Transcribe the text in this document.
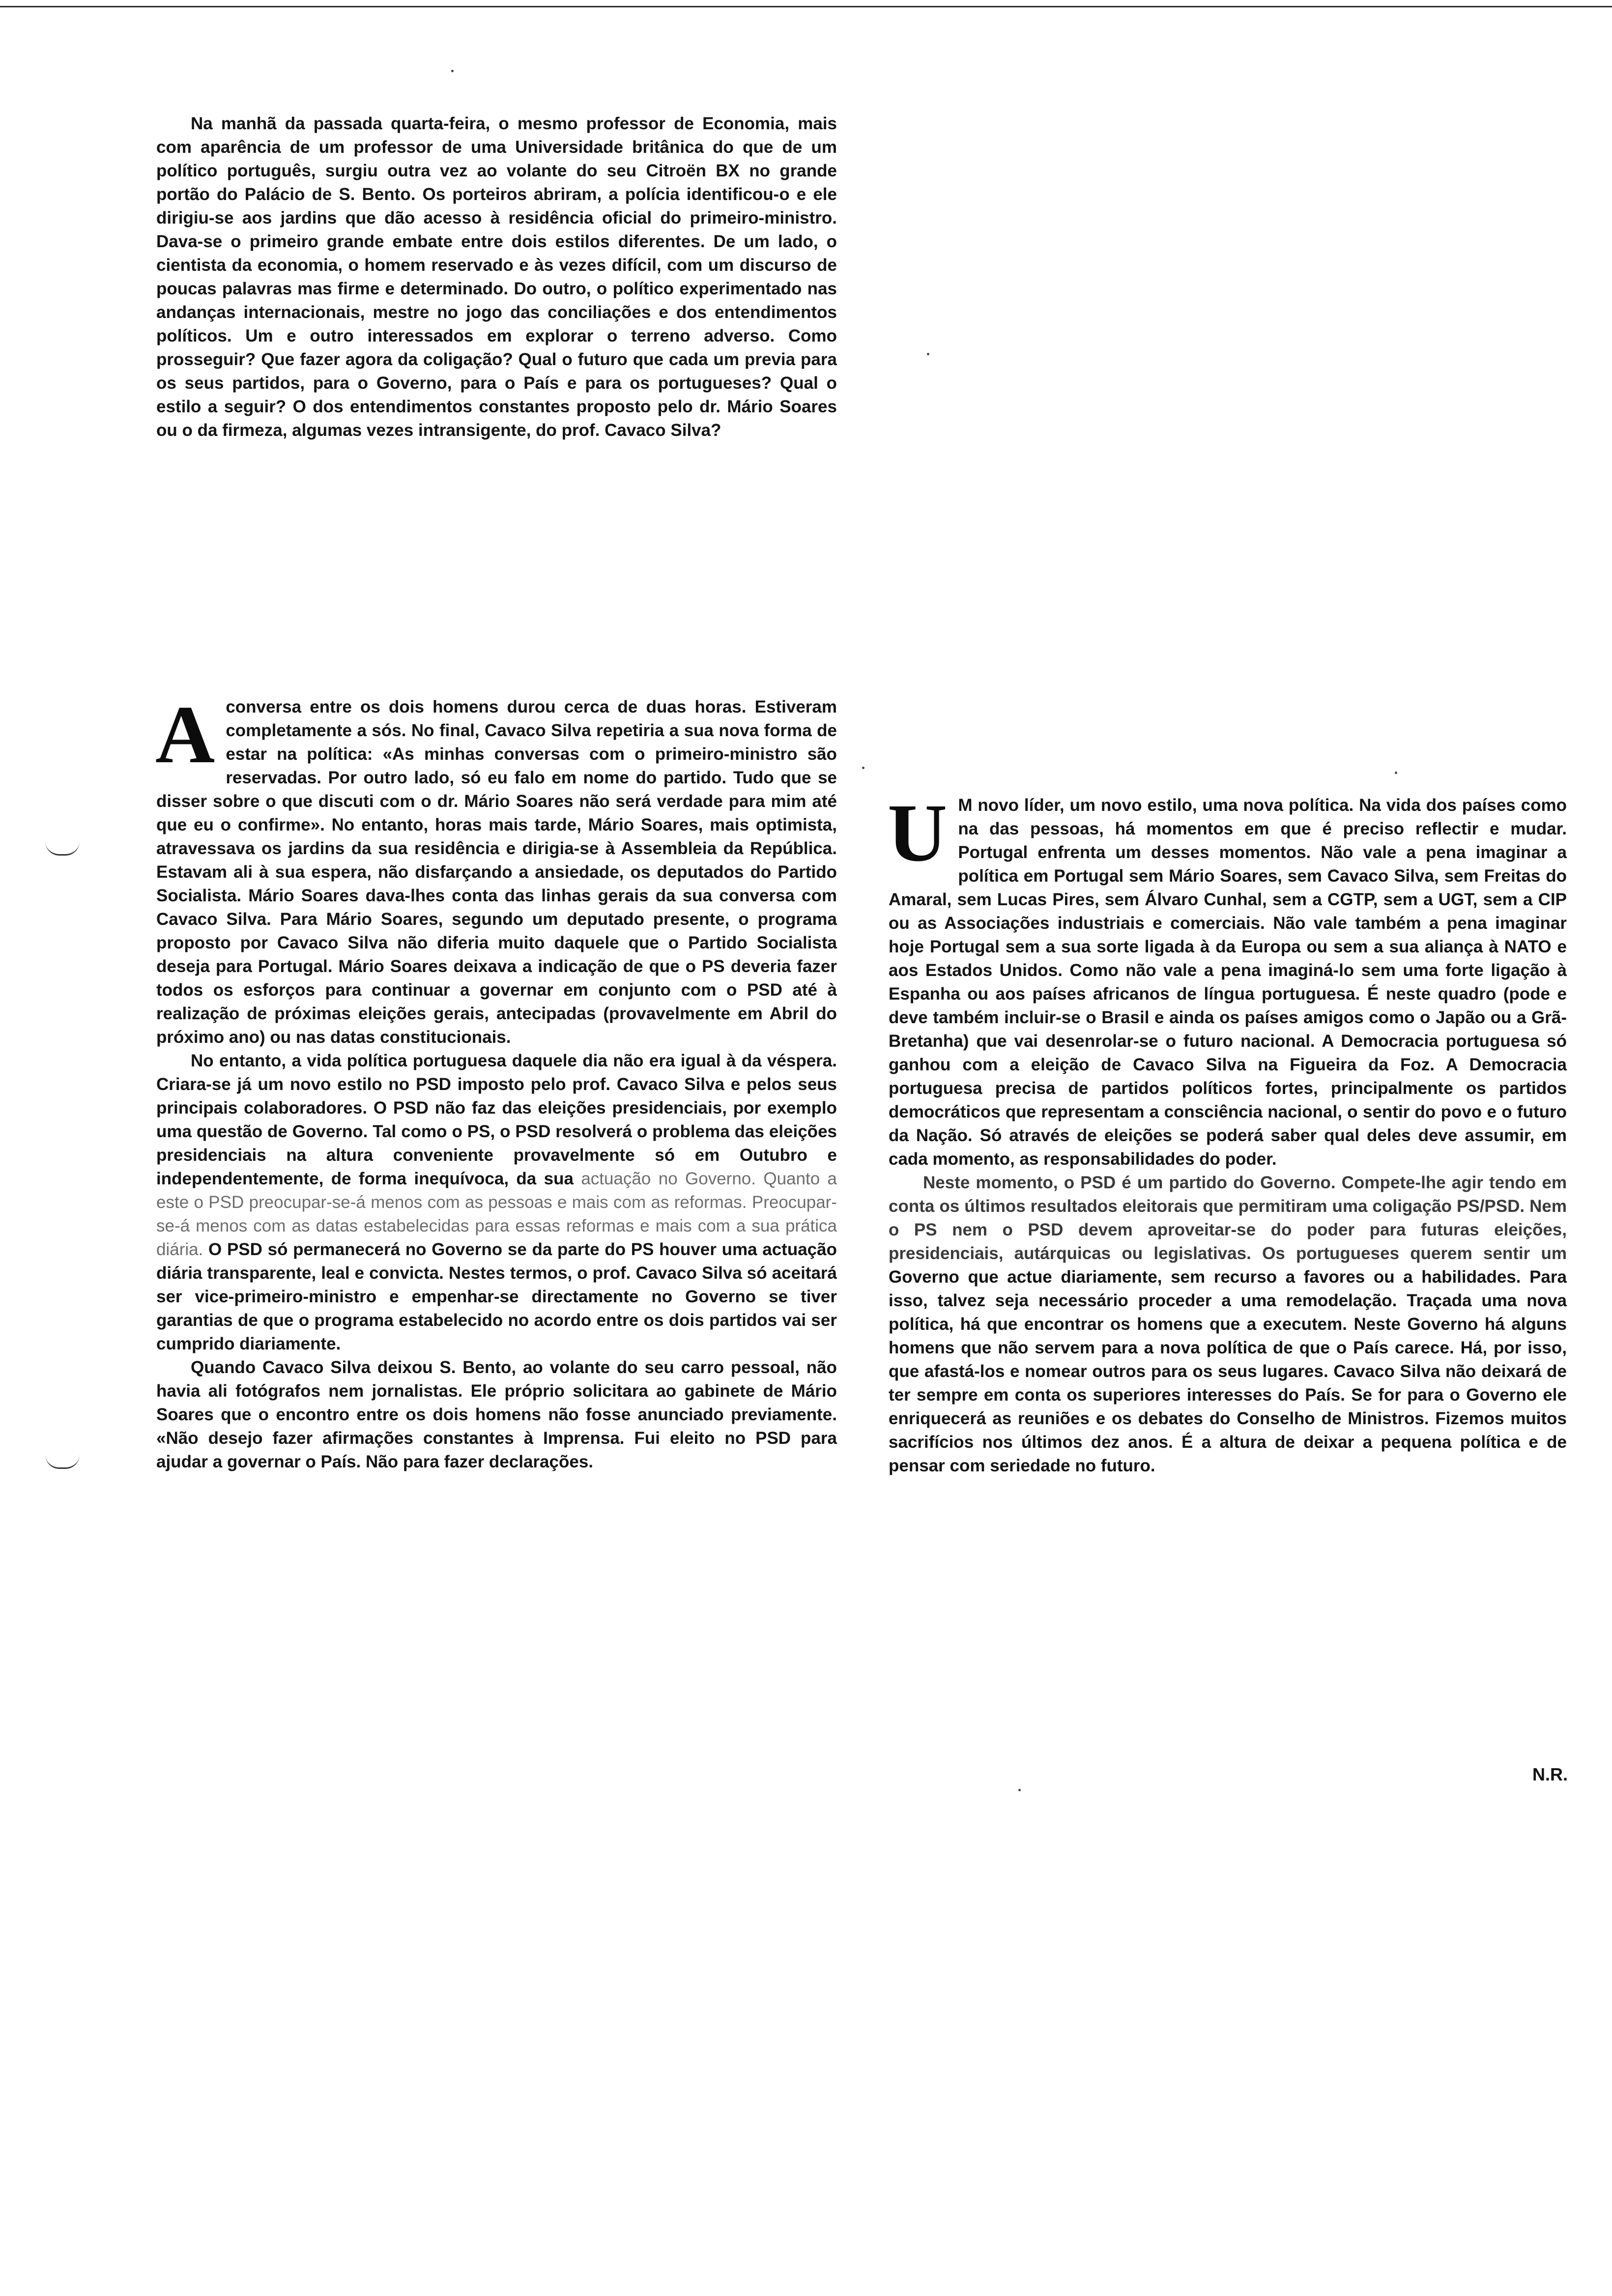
Na manhã da passada quarta-feira, o mesmo professor de Economia, mais com aparência de um professor de uma Universidade britânica do que de um político português, surgiu outra vez ao volante do seu Citroën BX no grande portão do Palácio de S. Bento. Os porteiros abriram, a polícia identificou-o e ele dirigiu-se aos jardins que dão acesso à residência oficial do primeiro-ministro. Dava-se o primeiro grande embate entre dois estilos diferentes. De um lado, o cientista da economia, o homem reservado e às vezes difícil, com um discurso de poucas palavras mas firme e determinado. Do outro, o político experimentado nas andanças internacionais, mestre no jogo das conciliações e dos entendimentos políticos. Um e outro interessados em explorar o terreno adverso. Como prosseguir? Que fazer agora da coligação? Qual o futuro que cada um previa para os seus partidos, para o Governo, para o País e para os portugueses? Qual o estilo a seguir? O dos entendimentos constantes proposto pelo dr. Mário Soares ou o da firmeza, algumas vezes intransigente, do prof. Cavaco Silva?

A conversa entre os dois homens durou cerca de duas horas. Estiveram completamente a sós. No final, Cavaco Silva repetiria a sua nova forma de estar na política: «As minhas conversas com o primeiro-ministro são reservadas. Por outro lado, só eu falo em nome do partido. Tudo que se disser sobre o que discuti com o dr. Mário Soares não será verdade para mim até que eu o confirme». No entanto, horas mais tarde, Mário Soares, mais optimista, atravessava os jardins da sua residência e dirigia-se à Assembleia da República. Estavam ali à sua espera, não disfarçando a ansiedade, os deputados do Partido Socialista. Mário Soares dava-lhes conta das linhas gerais da sua conversa com Cavaco Silva. Para Mário Soares, segundo um deputado presente, o programa proposto por Cavaco Silva não diferia muito daquele que o Partido Socialista deseja para Portugal. Mário Soares deixava a indicação de que o PS deveria fazer todos os esforços para continuar a governar em conjunto com o PSD até à realização de próximas eleições gerais, antecipadas (provavelmente em Abril do próximo ano) ou nas datas constitucionais.

No entanto, a vida política portuguesa daquele dia não era igual à da véspera. Criara-se já um novo estilo no PSD imposto pelo prof. Cavaco Silva e pelos seus principais colaboradores. O PSD não faz das eleições presidenciais, por exemplo uma questão de Governo. Tal como o PS, o PSD resolverá o problema das eleições presidenciais na altura conveniente provavelmente só em Outubro e independentemente, de forma inequívoca, da sua actuação no Governo. Quanto a este o PSD preocupar-se-á menos com as pessoas e mais com as reformas. Preocupar-se-á menos com as datas estabelecidas para essas reformas e mais com a sua prática diária. O PSD só permanecerá no Governo se da parte do PS houver uma actuação diária transparente, leal e convicta. Nestes termos, o prof. Cavaco Silva só aceitará ser vice-primeiro-ministro e empenhar-se directamente no Governo se tiver garantias de que o programa estabelecido no acordo entre os dois partidos vai ser cumprido diariamente.

Quando Cavaco Silva deixou S. Bento, ao volante do seu carro pessoal, não havia ali fotógrafos nem jornalistas. Ele próprio solicitara ao gabinete de Mário Soares que o encontro entre os dois homens não fosse anunciado previamente. «Não desejo fazer afirmações constantes à Imprensa. Fui eleito no PSD para ajudar a governar o País. Não para fazer declarações.

U M novo líder, um novo estilo, uma nova política. Na vida dos países como na das pessoas, há momentos em que é preciso reflectir e mudar. Portugal enfrenta um desses momentos. Não vale a pena imaginar a política em Portugal sem Mário Soares, sem Cavaco Silva, sem Freitas do Amaral, sem Lucas Pires, sem Álvaro Cunhal, sem a CGTP, sem a UGT, sem a CIP ou as Associações industriais e comerciais. Não vale também a pena imaginar hoje Portugal sem a sua sorte ligada à da Europa ou sem a sua aliança à NATO e aos Estados Unidos. Como não vale a pena imaginá-lo sem uma forte ligação à Espanha ou aos países africanos de língua portuguesa. É neste quadro (pode e deve também incluir-se o Brasil e ainda os países amigos como o Japão ou a Grã-Bretanha) que vai desenrolar-se o futuro nacional. A Democracia portuguesa só ganhou com a eleição de Cavaco Silva na Figueira da Foz. A Democracia portuguesa precisa de partidos políticos fortes, principalmente os partidos democráticos que representam a consciência nacional, o sentir do povo e o futuro da Nação. Só através de eleições se poderá saber qual deles deve assumir, em cada momento, as responsabilidades do poder.

Neste momento, o PSD é um partido do Governo. Compete-lhe agir tendo em conta os últimos resultados eleitorais que permitiram uma coligação PS/PSD. Nem o PS nem o PSD devem aproveitar-se do poder para futuras eleições, presidenciais, autárquicas ou legislativas. Os portugueses querem sentir um Governo que actue diariamente, sem recurso a favores ou a habilidades. Para isso, talvez seja necessário proceder a uma remodelação. Traçada uma nova política, há que encontrar os homens que a executem. Neste Governo há alguns homens que não servem para a nova política de que o País carece. Há, por isso, que afastá-los e nomear outros para os seus lugares. Cavaco Silva não deixará de ter sempre em conta os superiores interesses do País. Se for para o Governo ele enriquecerá as reuniões e os debates do Conselho de Ministros. Fizemos muitos sacrifícios nos últimos dez anos. É a altura de deixar a pequena política e de pensar com seriedade no futuro.

N.R.
